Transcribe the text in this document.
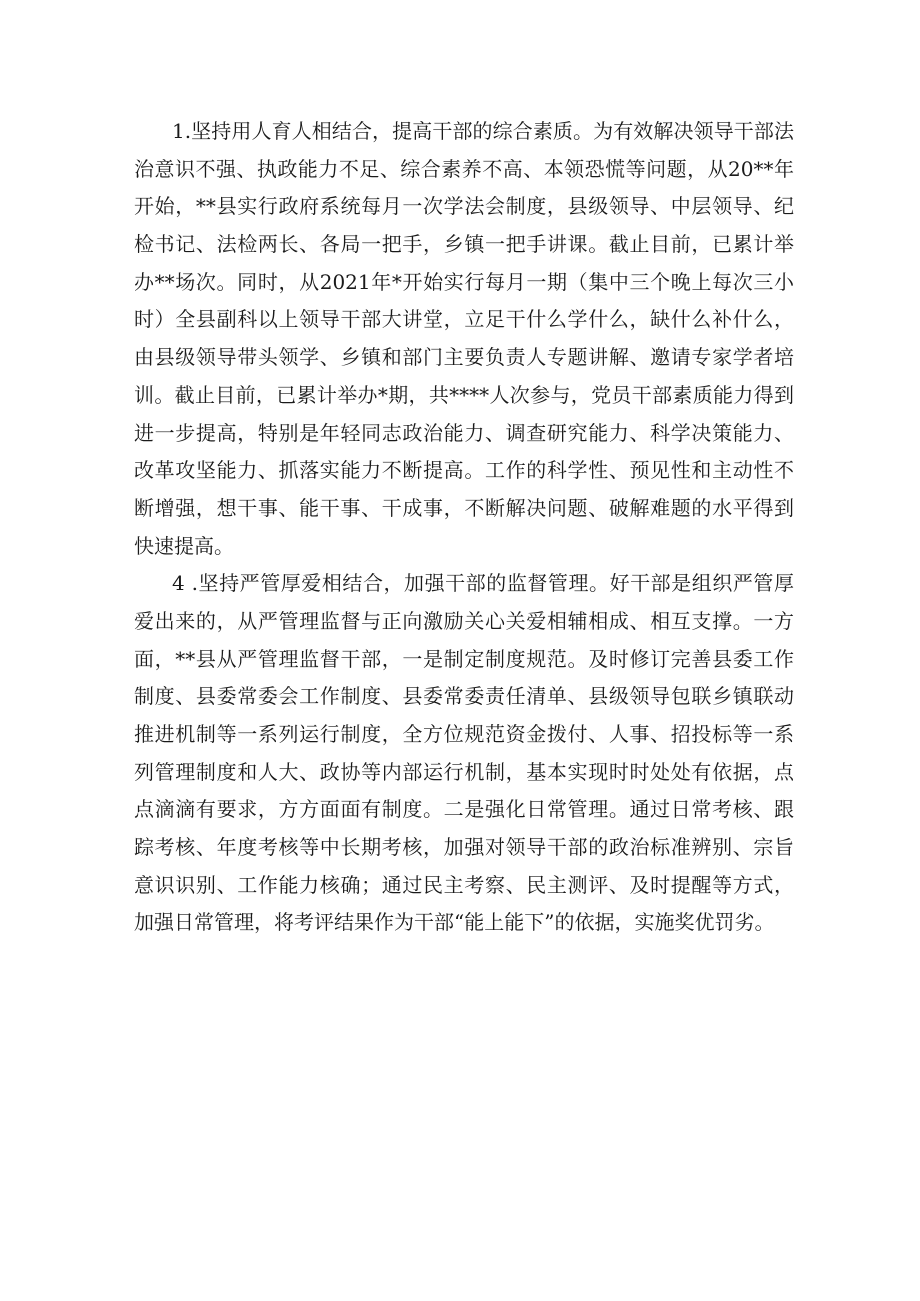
1.坚持用人育人相结合，提高干部的综合素质。为有效解决领导干部法
治意识不强、执政能力不足、综合素养不高、本领恐慌等问题，从20**年
开始，**县实行政府系统每月一次学法会制度，县级领导、中层领导、纪
检书记、法检两长、各局一把手，乡镇一把手讲课。截止目前，已累计举
办**场次。同时，从2021年*开始实行每月一期（集中三个晚上每次三小
时）全县副科以上领导干部大讲堂，立足干什么学什么，缺什么补什么，
由县级领导带头领学、乡镇和部门主要负责人专题讲解、邀请专家学者培
训。截止目前，已累计举办*期，共****人次参与，党员干部素质能力得到
进一步提高，特别是年轻同志政治能力、调查研究能力、科学决策能力、
改革攻坚能力、抓落实能力不断提高。工作的科学性、预见性和主动性不
断增强，想干事、能干事、干成事，不断解决问题、破解难题的水平得到
快速提高。
4 .坚持严管厚爱相结合，加强干部的监督管理。好干部是组织严管厚
爱出来的，从严管理监督与正向激励关心关爱相辅相成、相互支撑。一方
面，**县从严管理监督干部，一是制定制度规范。及时修订完善县委工作
制度、县委常委会工作制度、县委常委责任清单、县级领导包联乡镇联动
推进机制等一系列运行制度，全方位规范资金拨付、人事、招投标等一系
列管理制度和人大、政协等内部运行机制，基本实现时时处处有依据，点
点滴滴有要求，方方面面有制度。二是强化日常管理。通过日常考核、跟
踪考核、年度考核等中长期考核，加强对领导干部的政治标准辨别、宗旨
意识识别、工作能力核确；通过民主考察、民主测评、及时提醒等方式，
加强日常管理，将考评结果作为干部“能上能下”的依据，实施奖优罚劣。
